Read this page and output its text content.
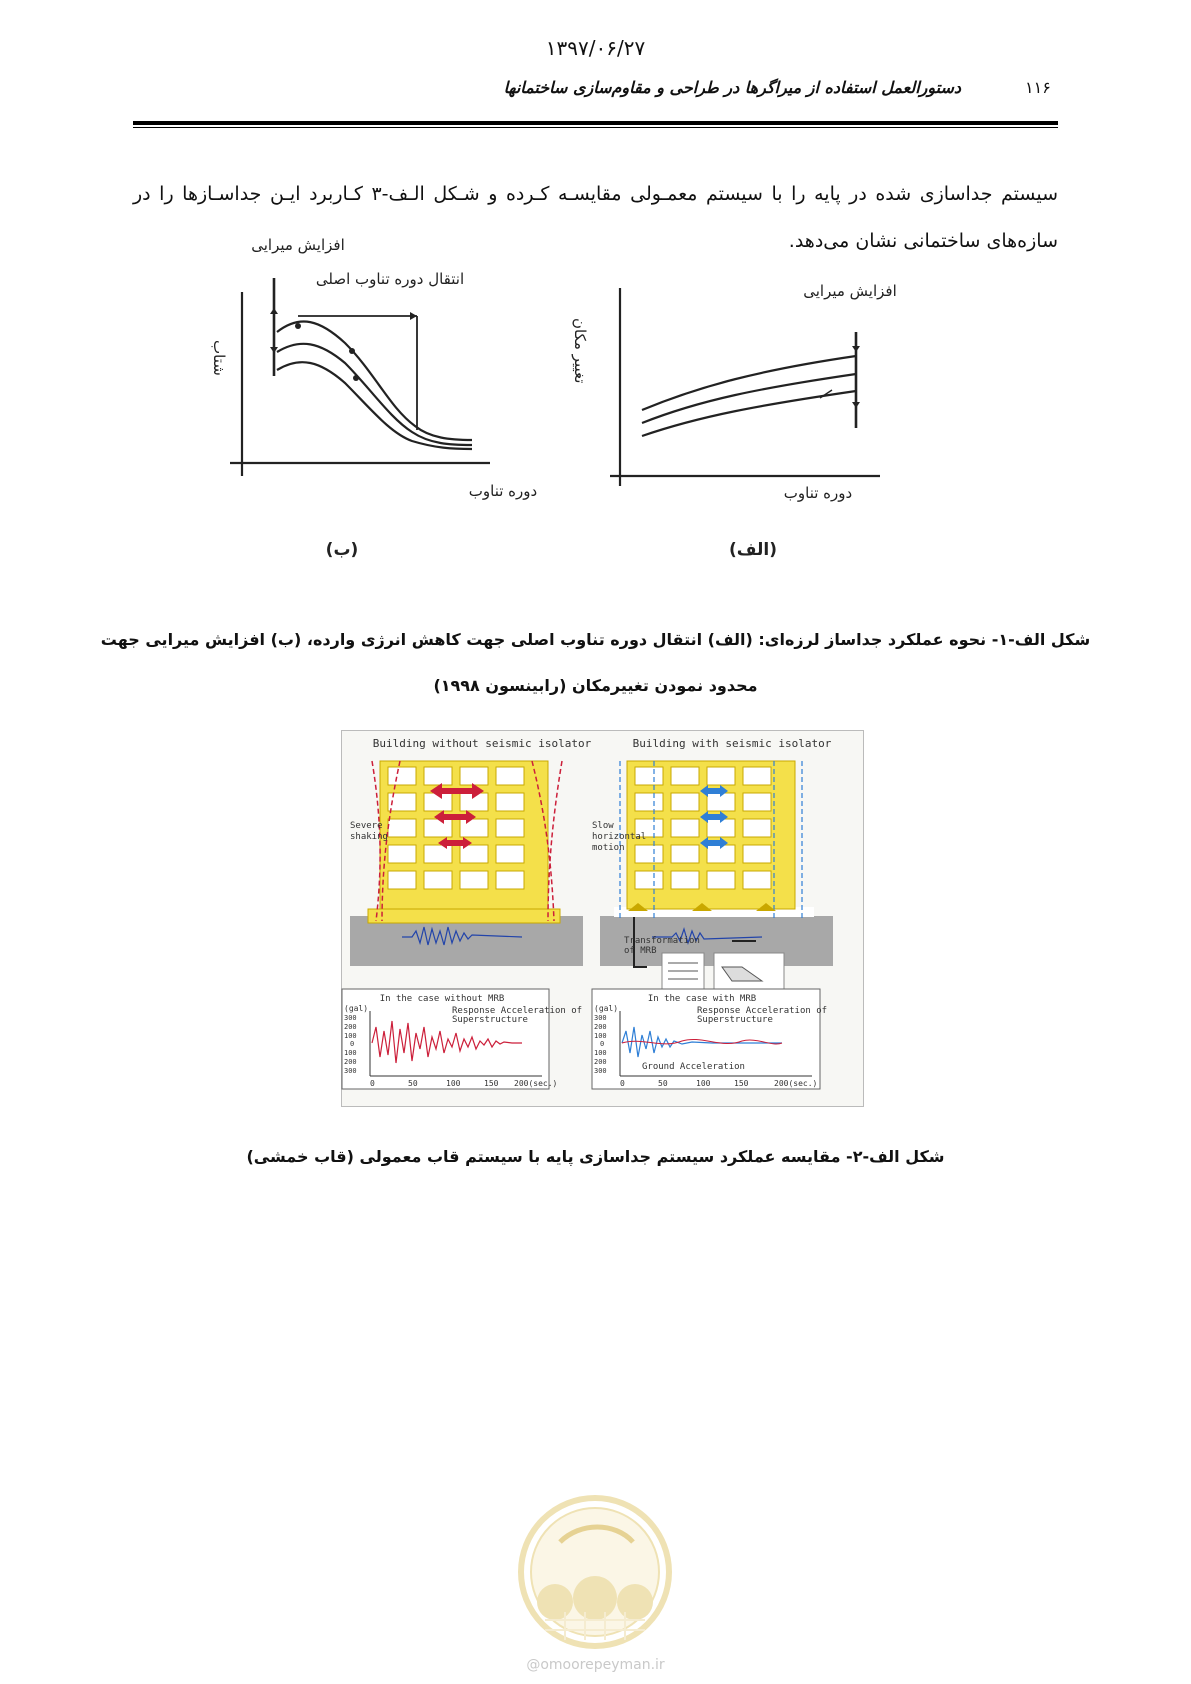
۱۳۹۷/۰۶/۲۷
دستورالعمل استفاده از میراگرها در طراحی و مقاوم‌سازی ساختمانها	۱۱۶
سیستم جداسازی شده در پایه را با سیستم معمـولی مقایسـه کـرده و شـکل الـف-۳ کـاربرد ایـن جداسـازها را در
سازه‌های ساختمانی نشان می‌دهد.
شتاب
افزایش میرایی
انتقال دوره تناوب اصلی
دوره تناوب
(ب)
تغییر مکان
افزایش میرایی
دوره تناوب
(الف)
شکل الف-۱- نحوه عملکرد جداساز لرزه‌ای: (الف) انتقال دوره تناوب اصلی جهت کاهش انرژی وارده، (ب) افزایش میرایی جهت
محدود نمودن تغییرمکان (رابینسون ۱۹۹۸)
Building without seismic isolator	Building with seismic isolator
Severe
shaking
Slow
horizontal
motion
Transformation
of MRB
In the case without MRB
Response Acceleration of
Superstructure
(gal)
300
200
100
0
100
200
300
0	50	100	150 200(sec.)
In the case with MRB
Response Acceleration of
Superstructure
Ground Acceleration
(gal)
300
200
100
0
100
200
300
0	50	100	150	200(sec.)
شکل الف-۲- مقایسه عملکرد سیستم جداسازی پایه با سیستم قاب معمولی (قاب خمشی)
@omoorepeyman.ir
